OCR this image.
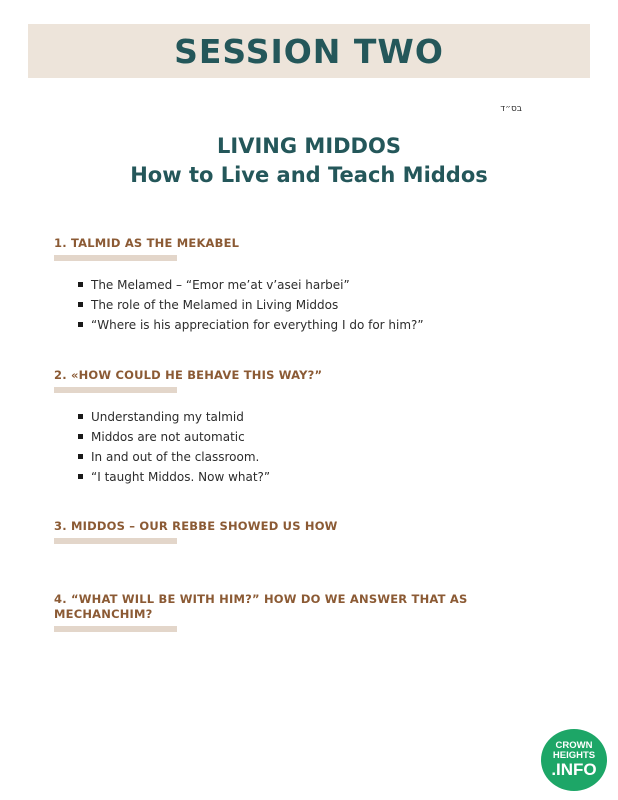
SESSION TWO
בס״ד
LIVING MIDDOS
How to Live and Teach Middos
1. TALMID AS THE MEKABEL
The Melamed – “Emor me’at v’asei harbei”
The role of the Melamed in Living Middos
“Where is his appreciation for everything I do for him?”
2. «HOW COULD HE BEHAVE THIS WAY?”
Understanding my talmid
Middos are not automatic
In and out of the classroom.
“I taught Middos. Now what?”
3. MIDDOS – OUR REBBE SHOWED US HOW
4. “WHAT WILL BE WITH HIM?” HOW DO WE ANSWER THAT AS
MECHANCHIM?
CROWN
HEIGHTS
.INFO
